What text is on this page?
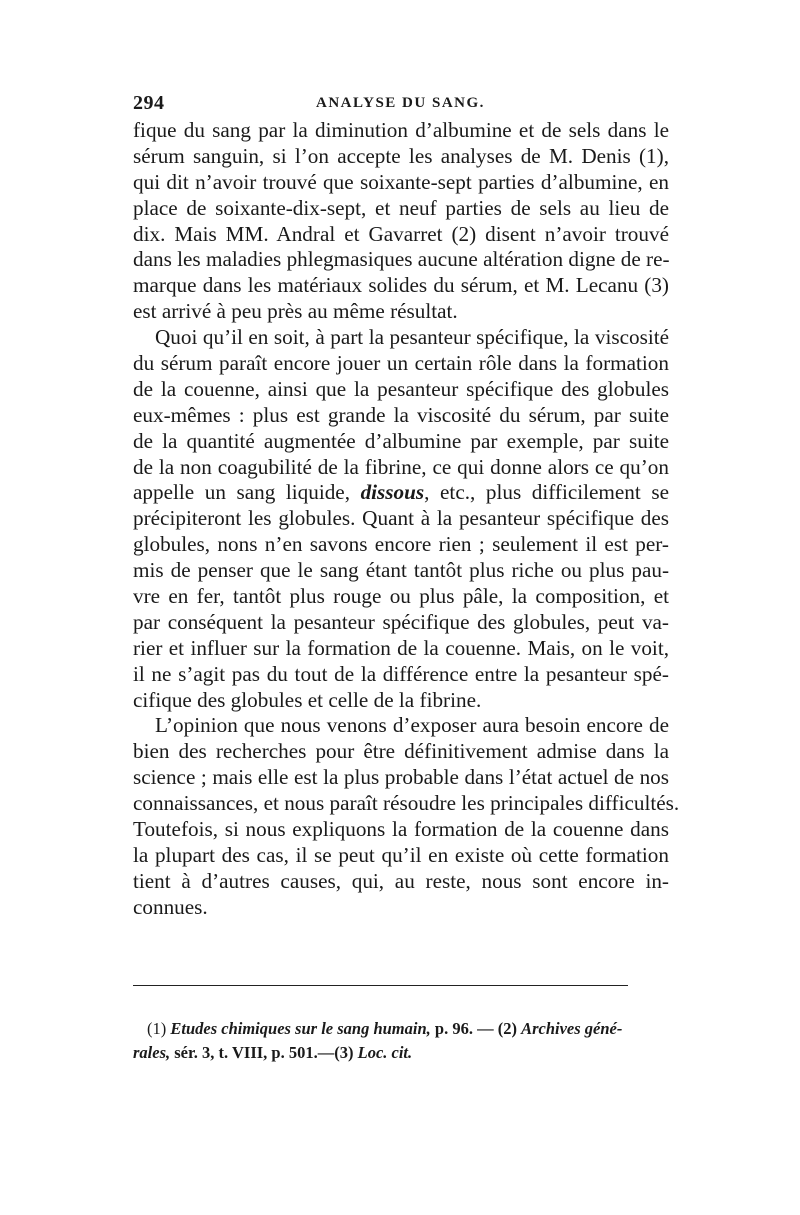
294	ANALYSE DU SANG.
fique du sang par la diminution d’albumine et de sels dans le
sérum sanguin, si l’on accepte les analyses de M. Denis (1),
qui dit n’avoir trouvé que soixante-sept parties d’albumine, en
place de soixante-dix-sept, et neuf parties de sels au lieu de
dix. Mais MM. Andral et Gavarret (2) disent n’avoir trouvé
dans les maladies phlegmasiques aucune altération digne de re-
marque dans les matériaux solides du sérum, et M. Lecanu (3)
est arrivé à peu près au même résultat.
Quoi qu’il en soit, à part la pesanteur spécifique, la viscosité
du sérum paraît encore jouer un certain rôle dans la formation
de la couenne, ainsi que la pesanteur spécifique des globules
eux-mêmes : plus est grande la viscosité du sérum, par suite
de la quantité augmentée d’albumine par exemple, par suite
de la non coagubilité de la fibrine, ce qui donne alors ce qu’on
appelle un sang liquide, dissous, etc., plus difficilement se
précipiteront les globules. Quant à la pesanteur spécifique des
globules, nons n’en savons encore rien ; seulement il est per-
mis de penser que le sang étant tantôt plus riche ou plus pau-
vre en fer, tantôt plus rouge ou plus pâle, la composition, et
par conséquent la pesanteur spécifique des globules, peut va-
rier et influer sur la formation de la couenne. Mais, on le voit,
il ne s’agit pas du tout de la différence entre la pesanteur spé-
cifique des globules et celle de la fibrine.
L’opinion que nous venons d’exposer aura besoin encore de
bien des recherches pour être définitivement admise dans la
science ; mais elle est la plus probable dans l’état actuel de nos
connaissances, et nous paraît résoudre les principales difficultés.
Toutefois, si nous expliquons la formation de la couenne dans
la plupart des cas, il se peut qu’il en existe où cette formation
tient à d’autres causes, qui, au reste, nous sont encore in-
connues.
(1) Etudes chimiques sur le sang humain, p. 96. — (2) Archives géné-
rales, sér. 3, t. VIII, p. 501.—(3) Loc. cit.
